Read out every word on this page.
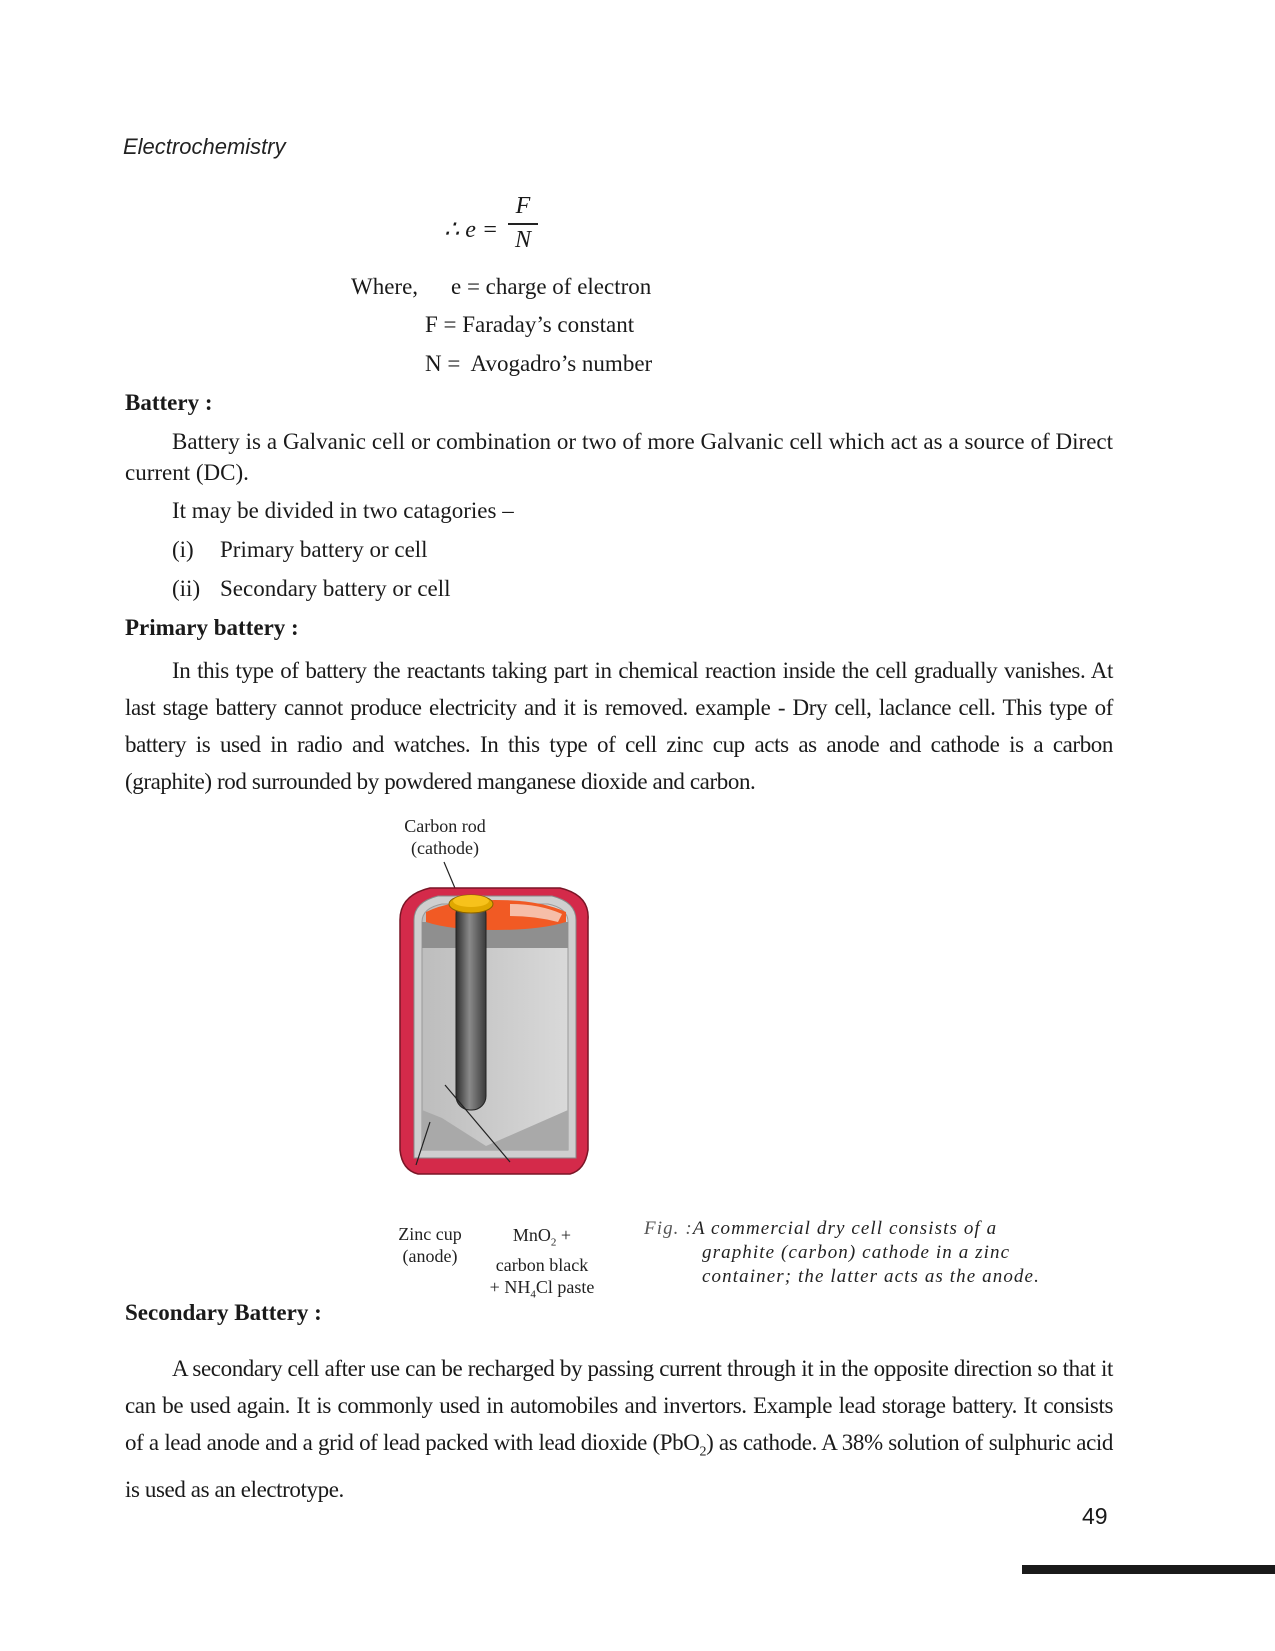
Electrochemistry
∴ e =
F
N
Where, e = charge of electron
F = Faraday’s constant
N =  Avogadro’s number
Battery :
Battery is a Galvanic cell or combination or two of more Galvanic cell which act as a source of Direct current (DC).
It may be divided in two catagories –
(i) Primary battery or cell
(ii) Secondary battery or cell
Primary battery :
In this type of battery the reactants taking part in chemical reaction inside the cell gradually vanishes. At last stage battery cannot produce electricity and it is removed. example - Dry cell, laclance cell. This type of battery is used in radio and watches. In this type of cell zinc cup acts as anode and cathode is a carbon (graphite) rod surrounded by powdered manganese dioxide and carbon.
Carbon rod
(cathode)
Zinc cup
(anode)
MnO$_2$ +
carbon black
+ $NH_4Cl$ paste
Fig. :A commercial dry cell consists of a
graphite (carbon) cathode in a zinc
container; the latter acts as the anode.
Secondary Battery :
A secondary cell after use can be recharged by passing current through it in the opposite direction so that it can be used again. It is commonly used in automobiles and invertors. Example lead storage battery. It consists of a lead anode and a grid of lead packed with lead dioxide (PbO$_2$) as cathode. A 38% solution of sulphuric acid is used as an electrotype.
49
